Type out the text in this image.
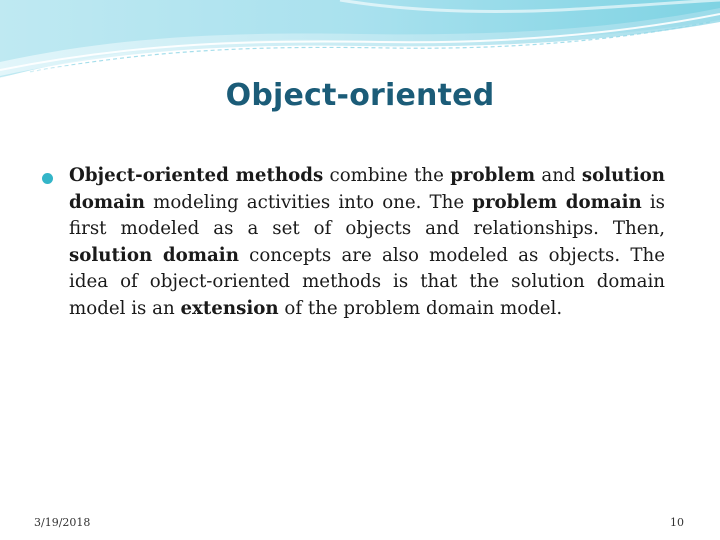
Object-oriented

Object-oriented methods combine the problem and solution domain modeling activities into one. The problem domain is first modeled as a set of objects and relationships. Then, solution domain concepts are also modeled as objects. The idea of object-oriented methods is that the solution domain model is an extension of the problem domain model.

3/19/2018	10
